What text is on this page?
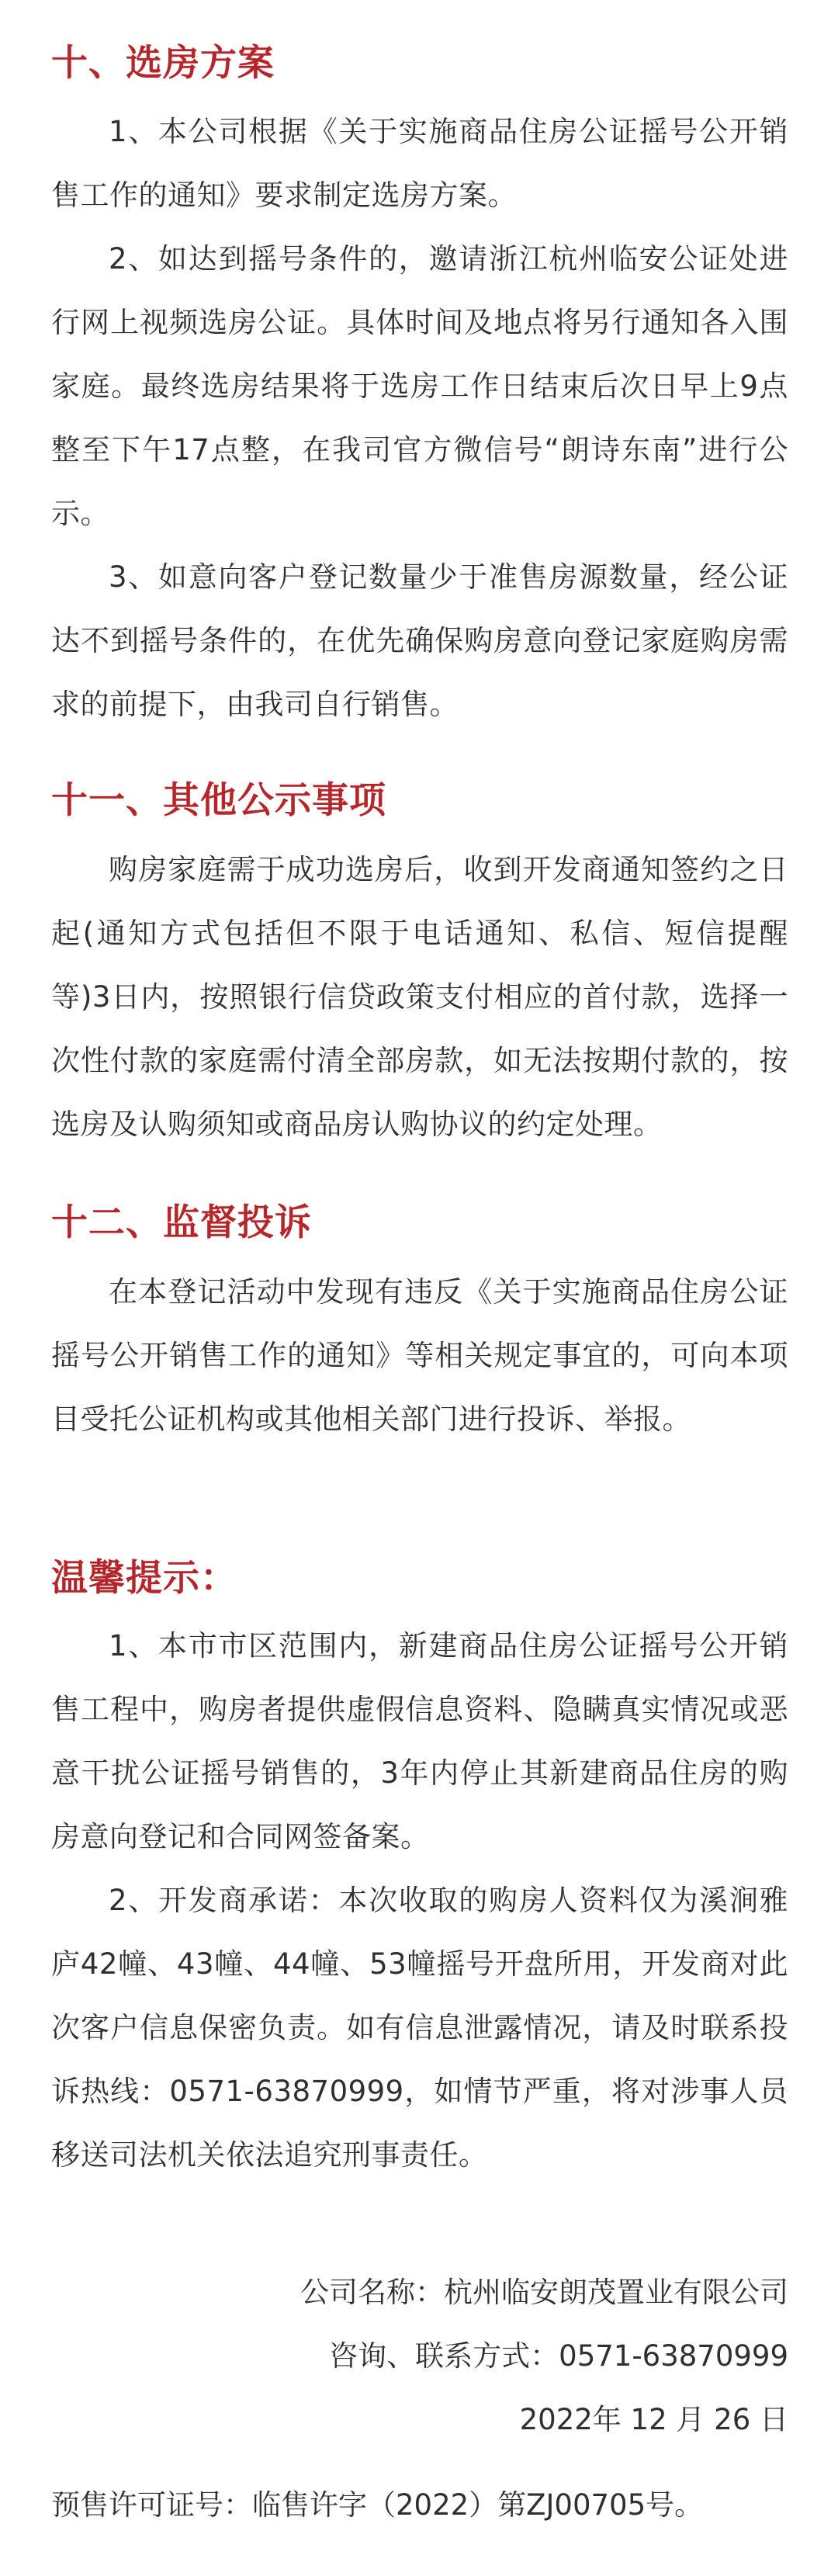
十、选房方案

1、本公司根据《关于实施商品住房公证摇号公开销售工作的通知》要求制定选房方案。

2、如达到摇号条件的，邀请浙江杭州临安公证处进行网上视频选房公证。具体时间及地点将另行通知各入围家庭。最终选房结果将于选房工作日结束后次日早上9点整至下午17点整，在我司官方微信号“朗诗东南”进行公示。

3、如意向客户登记数量少于准售房源数量，经公证达不到摇号条件的，在优先确保购房意向登记家庭购房需求的前提下，由我司自行销售。

十一、其他公示事项

购房家庭需于成功选房后，收到开发商通知签约之日起(通知方式包括但不限于电话通知、私信、短信提醒等)3日内，按照银行信贷政策支付相应的首付款，选择一次性付款的家庭需付清全部房款，如无法按期付款的，按选房及认购须知或商品房认购协议的约定处理。

十二、监督投诉

在本登记活动中发现有违反《关于实施商品住房公证摇号公开销售工作的通知》等相关规定事宜的，可向本项目受托公证机构或其他相关部门进行投诉、举报。

温馨提示：

1、本市市区范围内，新建商品住房公证摇号公开销售工程中，购房者提供虚假信息资料、隐瞒真实情况或恶意干扰公证摇号销售的，3年内停止其新建商品住房的购房意向登记和合同网签备案。

2、开发商承诺：本次收取的购房人资料仅为溪涧雅庐42幢、43幢、44幢、53幢摇号开盘所用，开发商对此次客户信息保密负责。如有信息泄露情况，请及时联系投诉热线：0571-63870999，如情节严重，将对涉事人员移送司法机关依法追究刑事责任。

公司名称：杭州临安朗茂置业有限公司

咨询、联系方式：0571-63870999

2022年 12 月 26 日

预售许可证号：临售许字（2022）第ZJ00705号。
